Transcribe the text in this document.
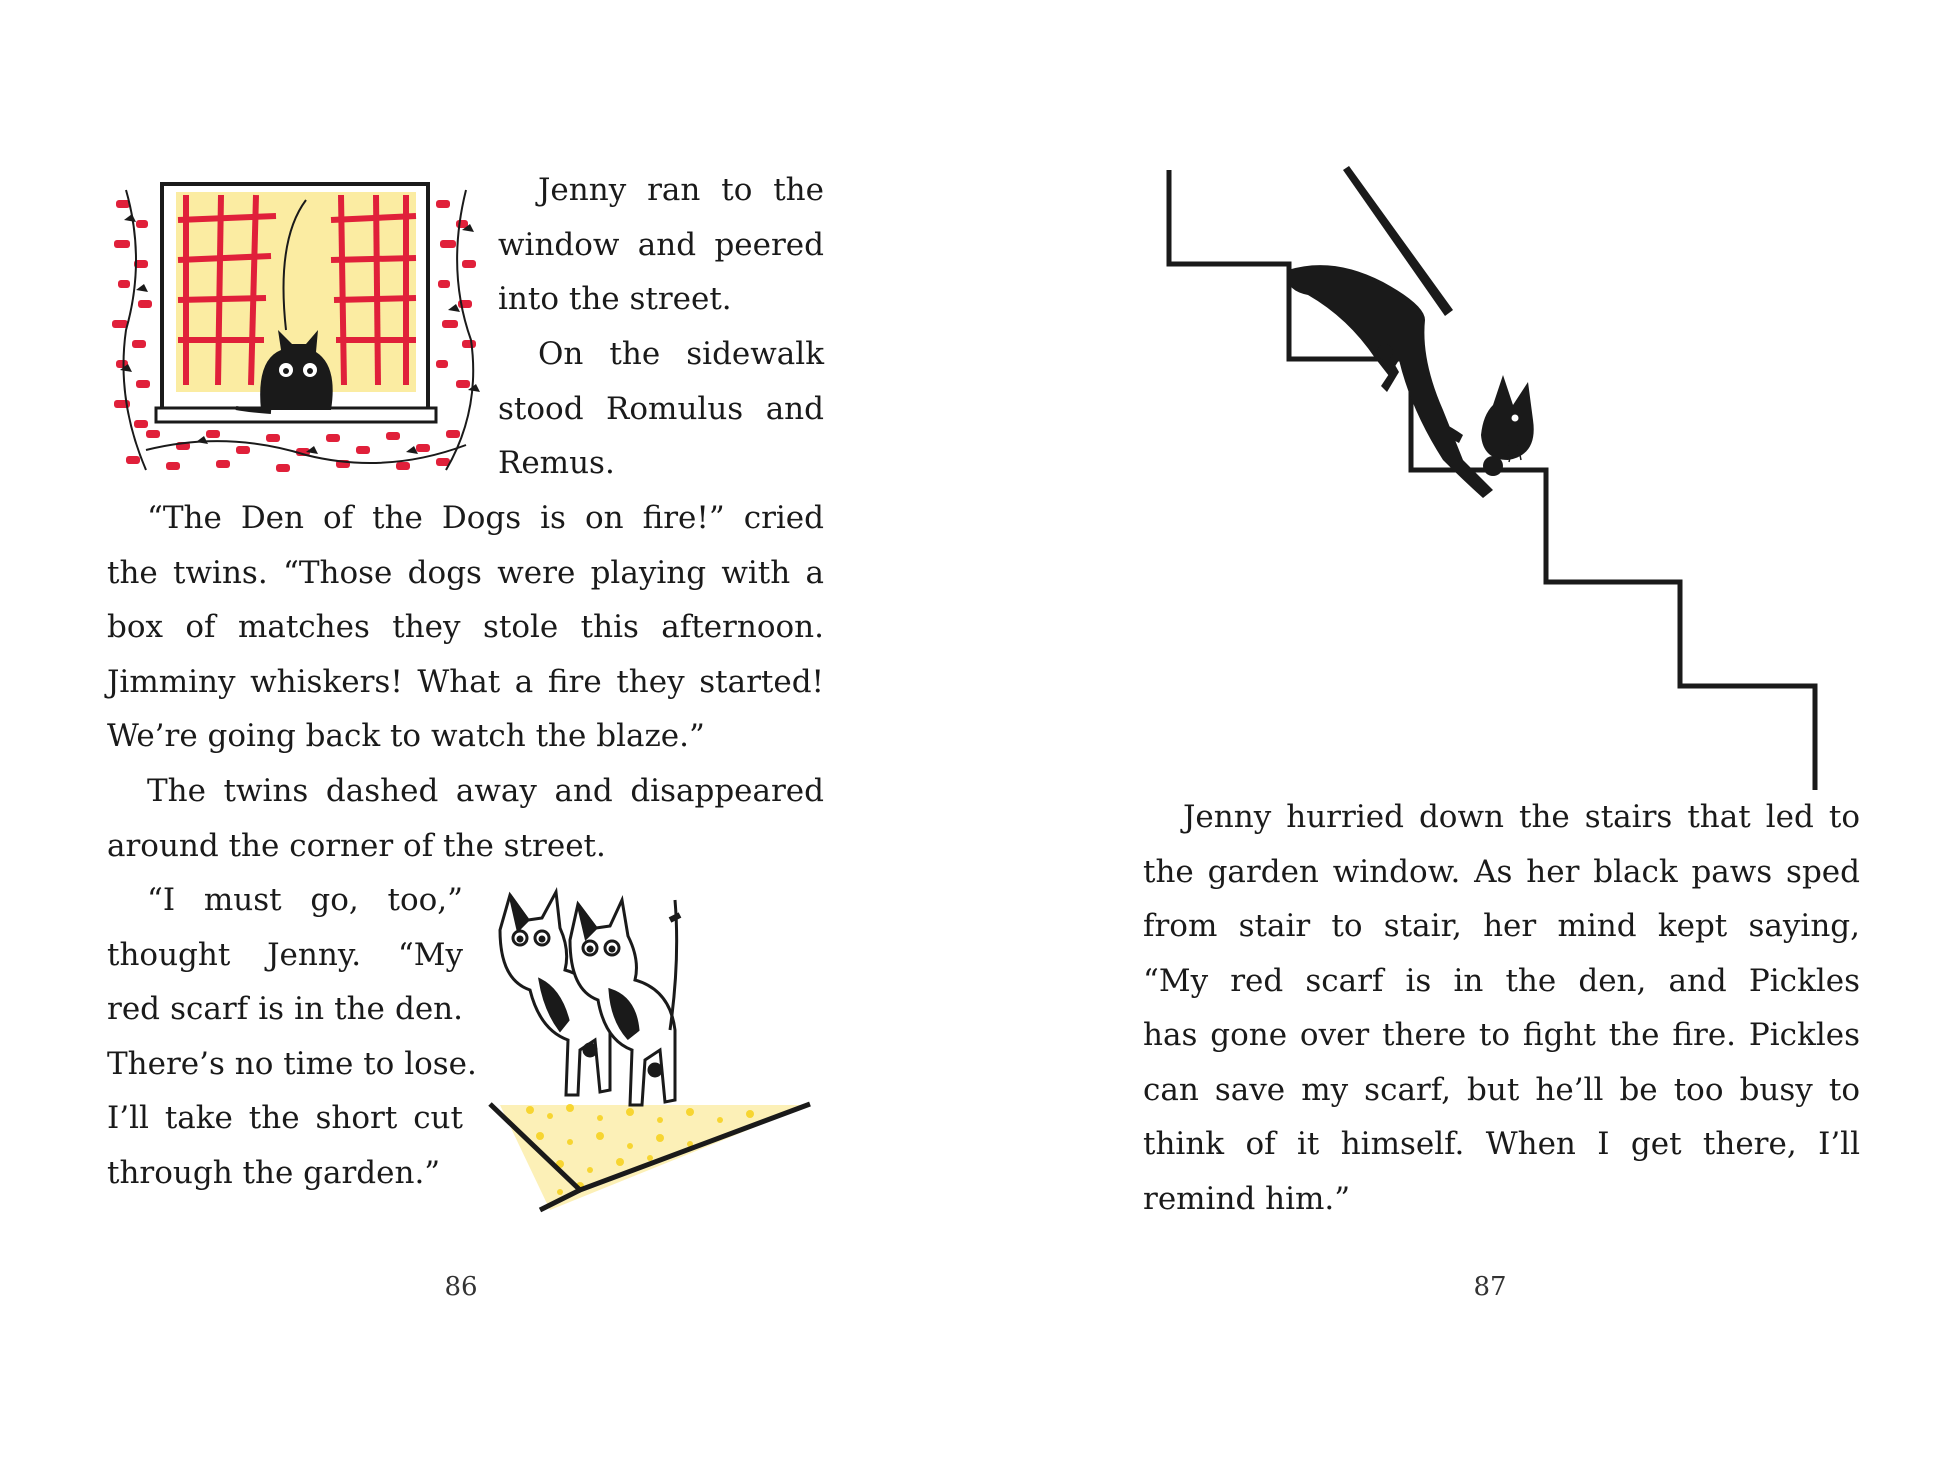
Jenny ran to the
window and peered
into the street.
On the sidewalk
stood Romulus and
Remus.
“The Den of the Dogs is on fire!” cried
the twins. “Those dogs were playing with a
box of matches they stole this afternoon.
Jimminy whiskers! What a fire they started!
We’re going back to watch the blaze.”
The twins dashed away and disappeared
around the corner of the street.
“I must go, too,”
thought Jenny. “My
red scarf is in the den.
There’s no time to lose.
I’ll take the short cut
through the garden.”
86
Jenny hurried down the stairs that led to
the garden window. As her black paws sped
from stair to stair, her mind kept saying,
“My red scarf is in the den, and Pickles
has gone over there to fight the fire. Pickles
can save my scarf, but he’ll be too busy to
think of it himself. When I get there, I’ll
remind him.”
87
